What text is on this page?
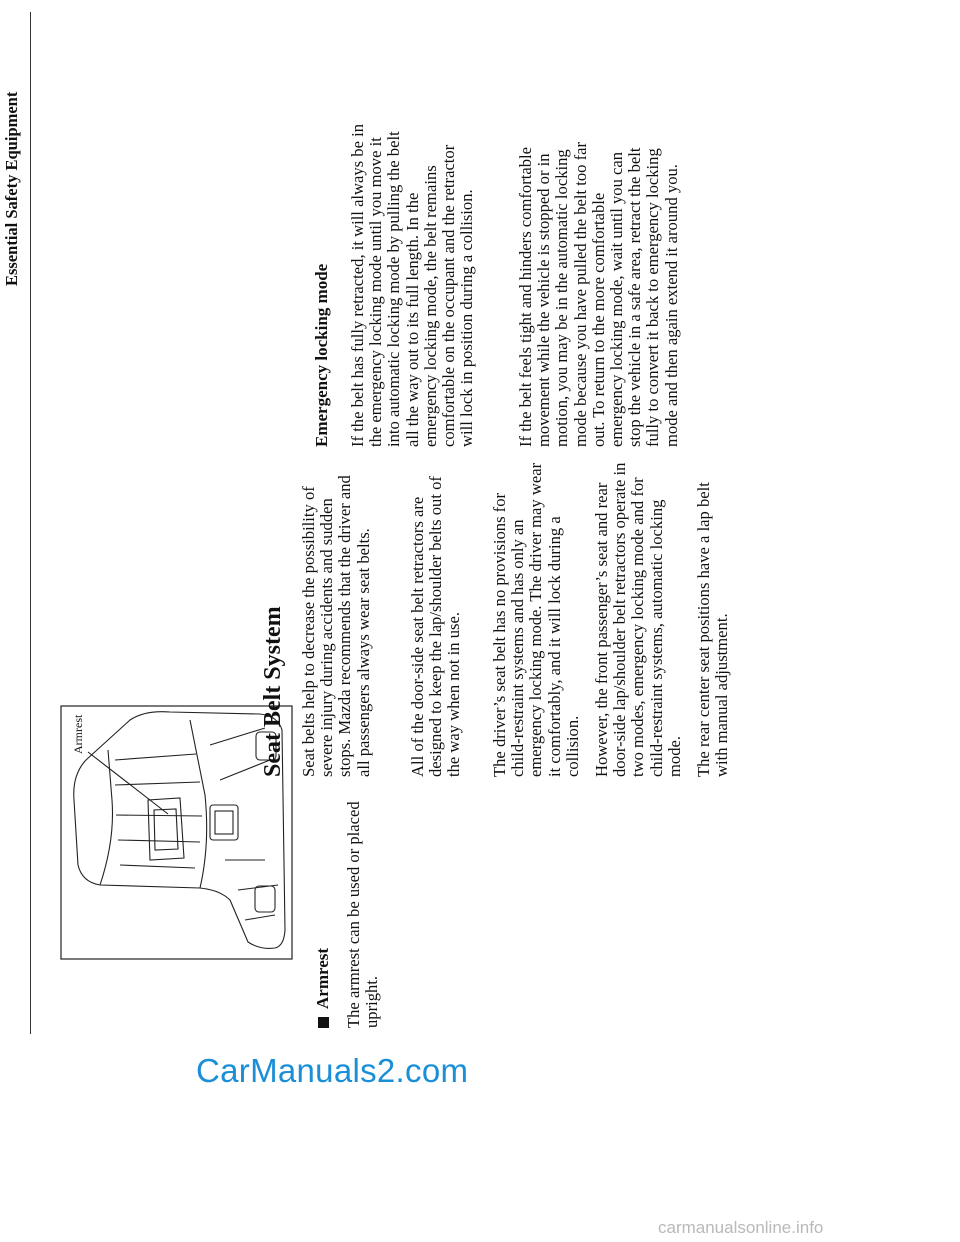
Essential Safety Equipment
Armrest
Armrest The armrest can be used or placed upright.

Seat Belt System Seat belts help to decrease the possibility of severe injury during accidents and sudden stops. Mazda recommends that the driver and all passengers always wear seat belts. All of the door-side seat belt retractors are designed to keep the lap/shoulder belts out of the way when not in use. The driver’s seat belt has no provisions for child-restraint systems and has only an emergency locking mode. The driver may wear it comfortably, and it will lock during a collision. However, the front passenger’s seat and rear door-side lap/shoulder belt retractors operate in two modes, emergency locking mode and for child-restraint systems, automatic locking mode. The rear center seat positions have a lap belt with manual adjustment.

Emergency locking mode If the belt has fully retracted, it will always be in the emergency locking mode until you move it into automatic locking mode by pulling the belt all the way out to its full length. In the emergency locking mode, the belt remains comfortable on the occupant and the retractor will lock in position during a collision. If the belt feels tight and hinders comfortable movement while the vehicle is stopped or in motion, you may be in the automatic locking mode because you have pulled the belt too far out. To return to the more comfortable emergency locking mode, wait until you can stop the vehicle in a safe area, retract the belt fully to convert it back to emergency locking mode and then again extend it around you.

CarManuals2.com
carmanualsonline.info
